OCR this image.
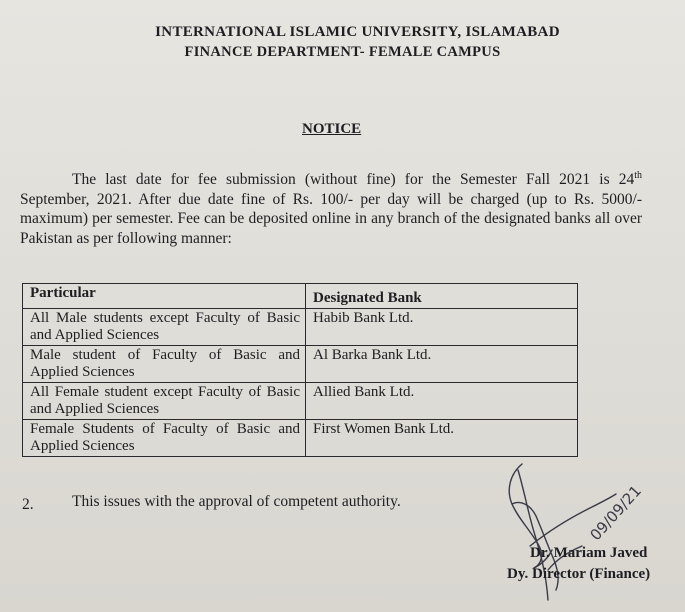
INTERNATIONAL ISLAMIC UNIVERSITY, ISLAMABAD
FINANCE DEPARTMENT- FEMALE CAMPUS
NOTICE
The last date for fee submission (without fine) for the Semester Fall 2021 is 24th September, 2021. After due date fine of Rs. 100/- per day will be charged (up to Rs. 5000/- maximum) per semester. Fee can be deposited online in any branch of the designated banks all over Pakistan as per following manner:
Particular	Designated Bank
All Male students except Faculty of Basic and Applied Sciences	Habib Bank Ltd.
Male student of Faculty of Basic and Applied Sciences	Al Barka Bank Ltd.
All Female student except Faculty of Basic and Applied Sciences	Allied Bank Ltd.
Female Students of Faculty of Basic and Applied Sciences	First Women Bank Ltd.
2. This issues with the approval of competent authority.	09/09/21
Dr. Mariam Javed
Dy. Director (Finance)
